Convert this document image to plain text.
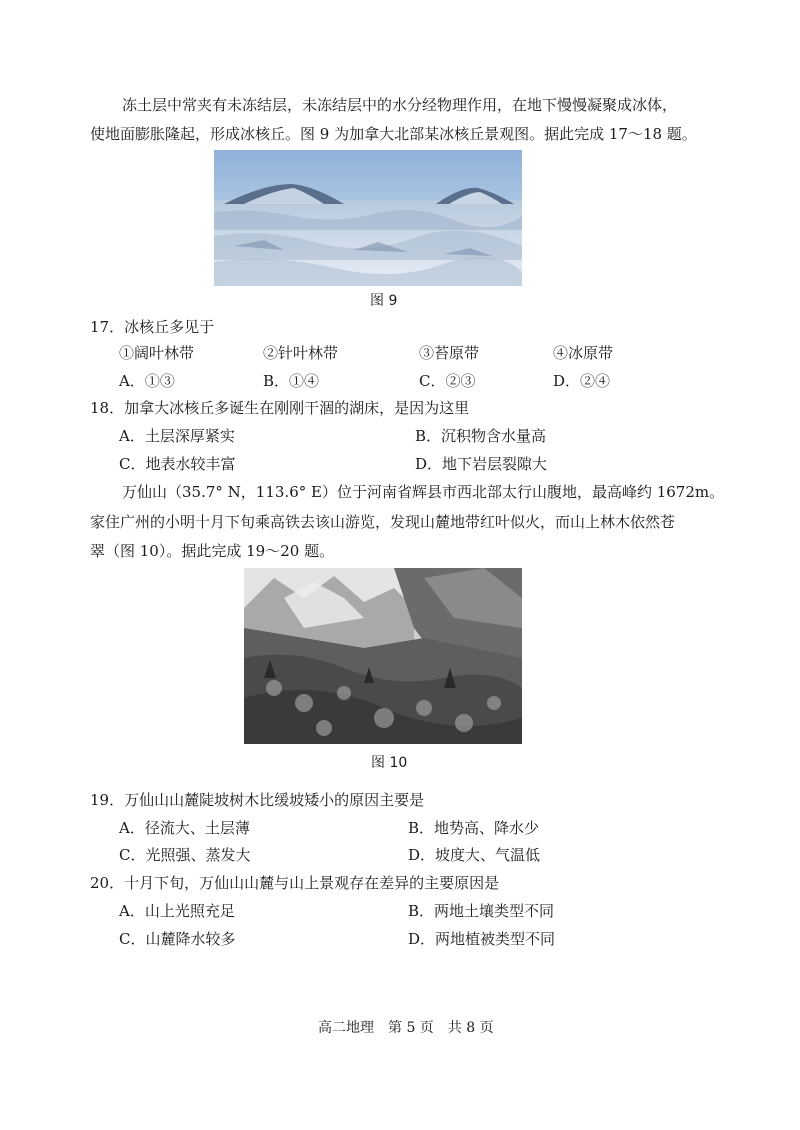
冻土层中常夹有未冻结层，未冻结层中的水分经物理作用，在地下慢慢凝聚成冰体，
使地面膨胀隆起，形成冰核丘。图 9 为加拿大北部某冰核丘景观图。据此完成 17～18 题。
图 9
17．冰核丘多见于
①阔叶林带	②针叶林带	③苔原带	④冰原带
A．①③	B．①④	C．②③	D．②④
18．加拿大冰核丘多诞生在刚刚干涸的湖床，是因为这里
A．土层深厚紧实	B．沉积物含水量高
C．地表水较丰富	D．地下岩层裂隙大
万仙山（35.7° N，113.6° E）位于河南省辉县市西北部太行山腹地，最高峰约 1672m。
家住广州的小明十月下旬乘高铁去该山游览，发现山麓地带红叶似火，而山上林木依然苍
翠（图 10）。据此完成 19～20 题。
图 10
19．万仙山山麓陡坡树木比缓坡矮小的原因主要是
A．径流大、土层薄	B．地势高、降水少
C．光照强、蒸发大	D．坡度大、气温低
20．十月下旬，万仙山山麓与山上景观存在差异的主要原因是
A．山上光照充足	B．两地土壤类型不同
C．山麓降水较多	D．两地植被类型不同
高二地理　第 5 页　共 8 页
